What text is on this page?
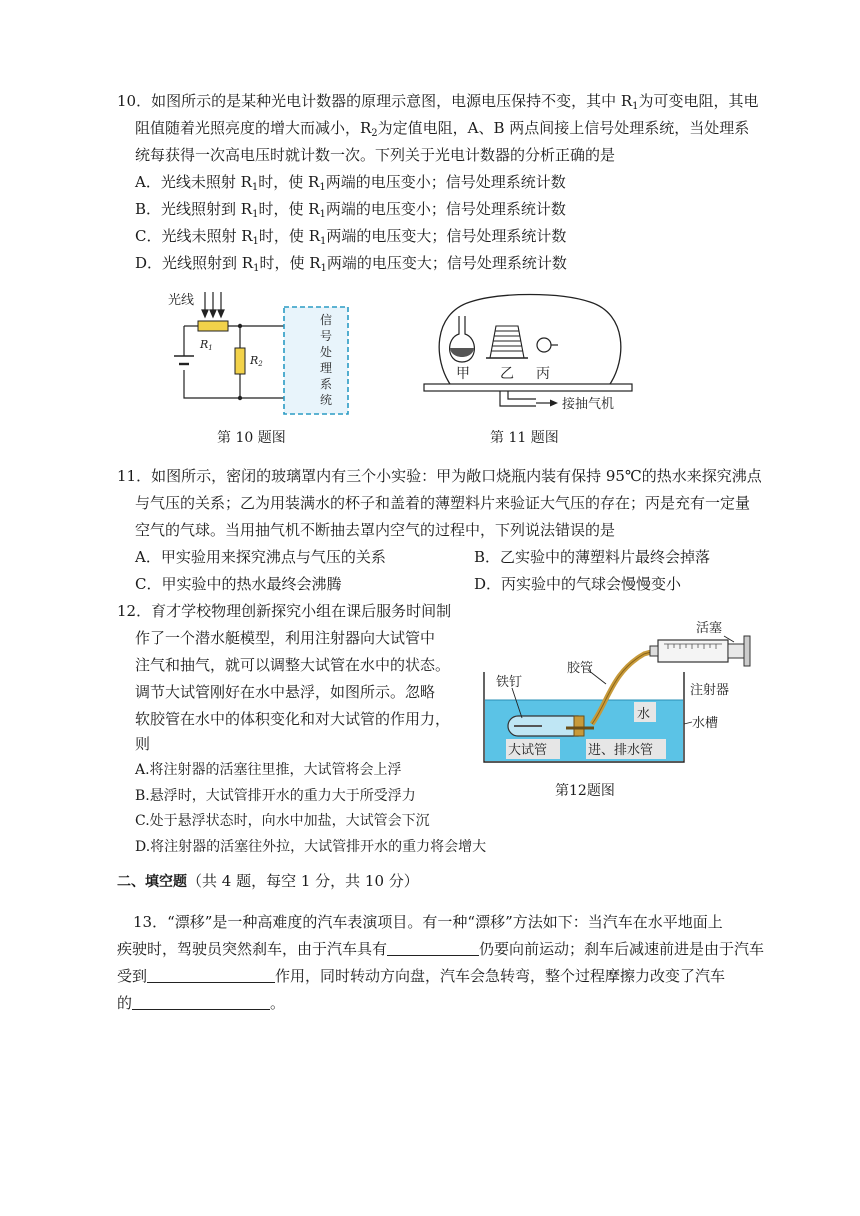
10．如图所示的是某种光电计数器的原理示意图，电源电压保持不变，其中 $R_1$为可变电阻，其电
阻值随着光照亮度的增大而减小，$R_2$为定值电阻，A、B 两点间接上信号处理系统，当处理系
统每获得一次高电压时就计数一次。下列关于光电计数器的分析正确的是
A．光线未照射 $R_1$时，使 $R_1$两端的电压变小；信号处理系统计数
B．光线照射到 $R_1$时，使 $R_1$两端的电压变小；信号处理系统计数
C．光线未照射 $R_1$时，使 $R_1$两端的电压变大；信号处理系统计数
D．光线照射到 $R_1$时，使 $R_1$两端的电压变大；信号处理系统计数
光线
R1
R2
信
号
处
理
系
统
第 10 题图
接抽气机
甲 乙 丙
第 11 题图
11．如图所示，密闭的玻璃罩内有三个小实验：甲为敞口烧瓶内装有保持 95℃的热水来探究沸点
与气压的关系；乙为用装满水的杯子和盖着的薄塑料片来验证大气压的存在；丙是充有一定量
空气的气球。当用抽气机不断抽去罩内空气的过程中，下列说法错误的是
A．甲实验用来探究沸点与气压的关系	B．乙实验中的薄塑料片最终会掉落
C．甲实验中的热水最终会沸腾	D．丙实验中的气球会慢慢变小
12．育才学校物理创新探究小组在课后服务时间制
作了一个潜水艇模型，利用注射器向大试管中
注气和抽气，就可以调整大试管在水中的状态。
调节大试管刚好在水中悬浮，如图所示。忽略
软胶管在水中的体积变化和对大试管的作用力，
则
A.将注射器的活塞往里推，大试管将会上浮
B.悬浮时，大试管排开水的重力大于所受浮力
C.处于悬浮状态时，向水中加盐，大试管会下沉
D.将注射器的活塞往外拉，大试管排开水的重力将会增大
活塞
胶管
铁钉
注射器
水
水槽
大试管	进、排水管
第12题图
二、填空题（共 4 题，每空 1 分，共 10 分）
13．“漂移”是一种高难度的汽车表演项目。有一种“漂移”方法如下：当汽车在水平地面上
疾驶时，驾驶员突然刹车，由于汽车具有	仍要向前运动；刹车后减速前进是由于汽车
受到	作用，同时转动方向盘，汽车会急转弯，整个过程摩擦力改变了汽车
的	。
